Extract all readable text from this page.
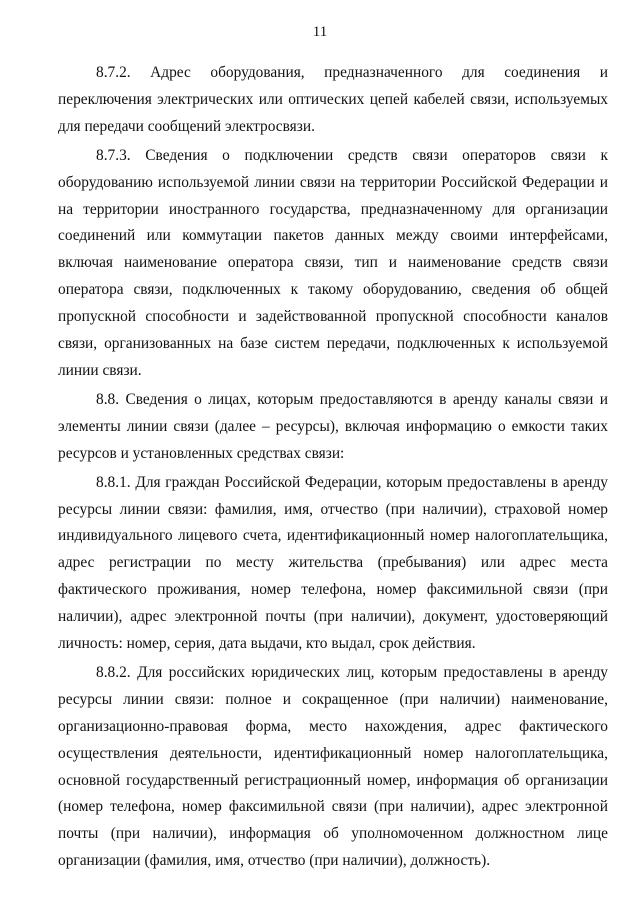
11

8.7.2. Адрес оборудования, предназначенного для соединения и переключения электрических или оптических цепей кабелей связи, используемых для передачи сообщений электросвязи.

8.7.3. Сведения о подключении средств связи операторов связи к оборудованию используемой линии связи на территории Российской Федерации и на территории иностранного государства, предназначенному для организации соединений или коммутации пакетов данных между своими интерфейсами, включая наименование оператора связи, тип и наименование средств связи оператора связи, подключенных к такому оборудованию, сведения об общей пропускной способности и задействованной пропускной способности каналов связи, организованных на базе систем передачи, подключенных к используемой линии связи.

8.8. Сведения о лицах, которым предоставляются в аренду каналы связи и элементы линии связи (далее – ресурсы), включая информацию о емкости таких ресурсов и установленных средствах связи:

8.8.1. Для граждан Российской Федерации, которым предоставлены в аренду ресурсы линии связи: фамилия, имя, отчество (при наличии), страховой номер индивидуального лицевого счета, идентификационный номер налогоплательщика, адрес регистрации по месту жительства (пребывания) или адрес места фактического проживания, номер телефона, номер факсимильной связи (при наличии), адрес электронной почты (при наличии), документ, удостоверяющий личность: номер, серия, дата выдачи, кто выдал, срок действия.

8.8.2. Для российских юридических лиц, которым предоставлены в аренду ресурсы линии связи: полное и сокращенное (при наличии) наименование, организационно-правовая форма, место нахождения, адрес фактического осуществления деятельности, идентификационный номер налогоплательщика, основной государственный регистрационный номер, информация об организации (номер телефона, номер факсимильной связи (при наличии), адрес электронной почты (при наличии), информация об уполномоченном должностном лице организации (фамилия, имя, отчество (при наличии), должность).
